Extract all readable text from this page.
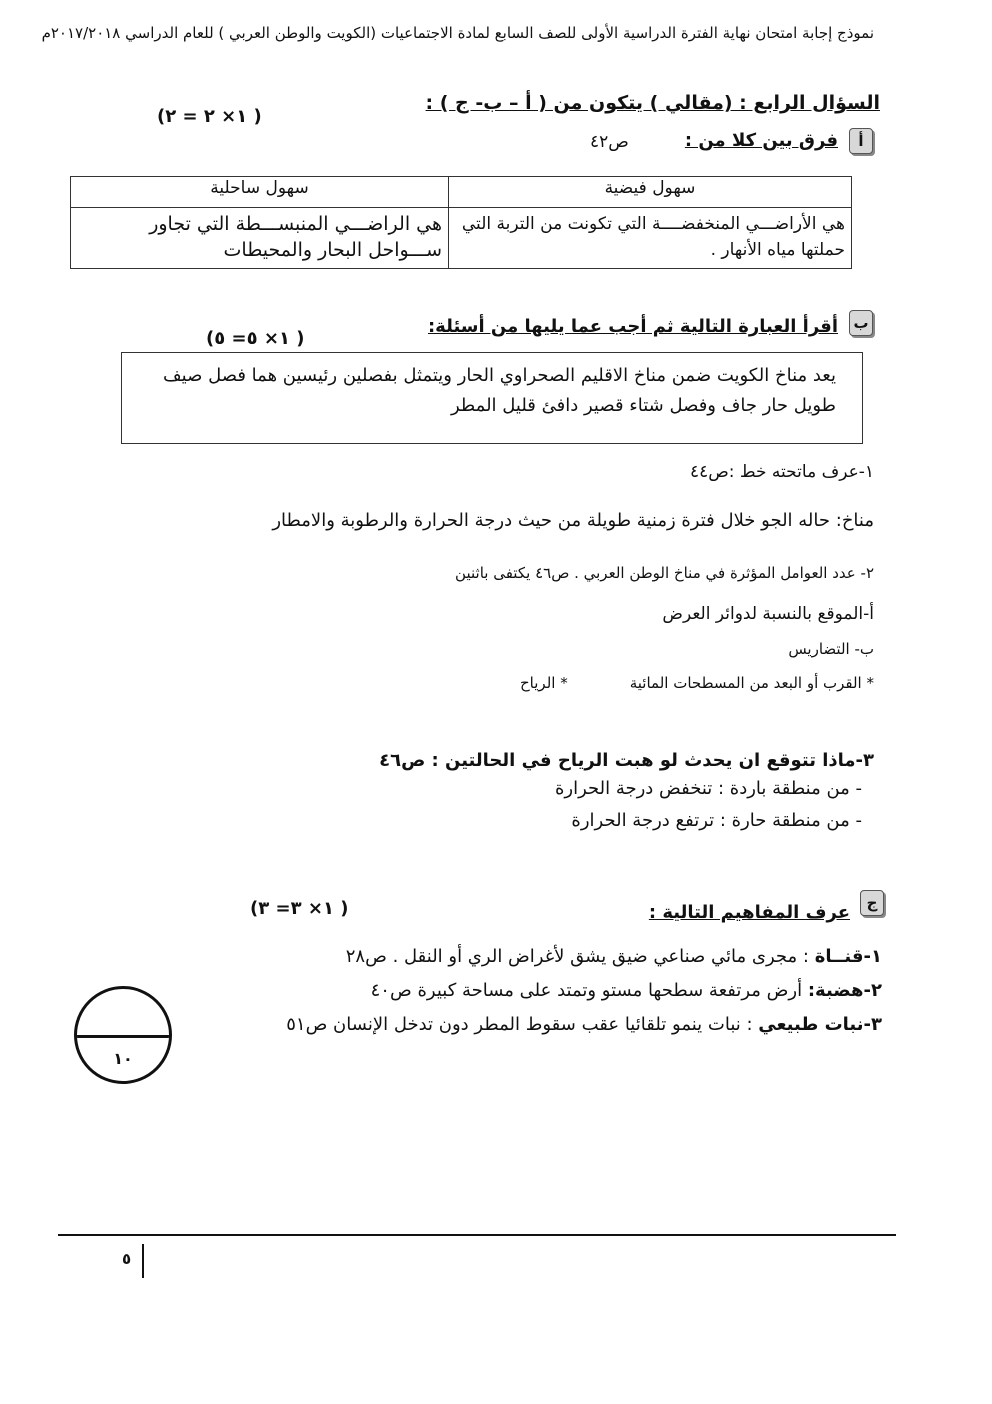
نموذج إجابة امتحان نهاية الفترة الدراسية الأولى للصف السابع لمادة الاجتماعيات (الكويت والوطن العربي ) للعام الدراسي ٢٠١٧/٢٠١٨م
السؤال الرابع : (مقالي ) يتكون من ( أ – ب- ج ) :
( ١× ٢ = ٢)
أ
فرق بين كلا من :
ص٤٢
سهول فيضية	سهول ساحلية
هي الأراضـــي المنخفضــــة التي تكونت من التربة التي حملتها مياه الأنهار .	هي الراضـــي المنبســـطة التي تجاور ســـواحل البحار والمحيطات
ب
أقرأ العبارة التالية ثم أجب عما يليها من أسئلة:
( ١× ٥= ٥)

يعد مناخ الكويت ضمن مناخ الاقليم الصحراوي الحار ويتمثل بفصلين رئيسين هما فصل صيف طويل حار جاف وفصل شتاء قصير دافئ قليل المطر

١-عرف ماتحته خط :ص٤٤
مناخ: حاله الجو خلال فترة زمنية طويلة من حيث درجة الحرارة والرطوبة والامطار
٢- عدد العوامل المؤثرة في مناخ الوطن العربي . ص٤٦ يكتفى باثنين
أ-الموقع بالنسبة لدوائر العرض
ب- التضاريس
* القرب أو البعد من المسطحات المائية
* الرياح
٣-ماذا تتوقع ان يحدث لو هبت الرياح في الحالتين : ص٤٦
- من منطقة باردة : تنخفض درجة الحرارة
- من منطقة حارة : ترتفع درجة الحرارة
ج
عرف المفاهيم التالية :
( ١× ٣= ٣)
١-قنــاة : مجرى مائي صناعي ضيق يشق لأغراض الري أو النقل . ص٢٨
٢-هضبة: أرض مرتفعة سطحها مستو وتمتد على مساحة كبيرة ص٤٠
٣-نبات طبيعي : نبات ينمو تلقائيا عقب سقوط المطر دون تدخل الإنسان ص٥١
١٠
٥
